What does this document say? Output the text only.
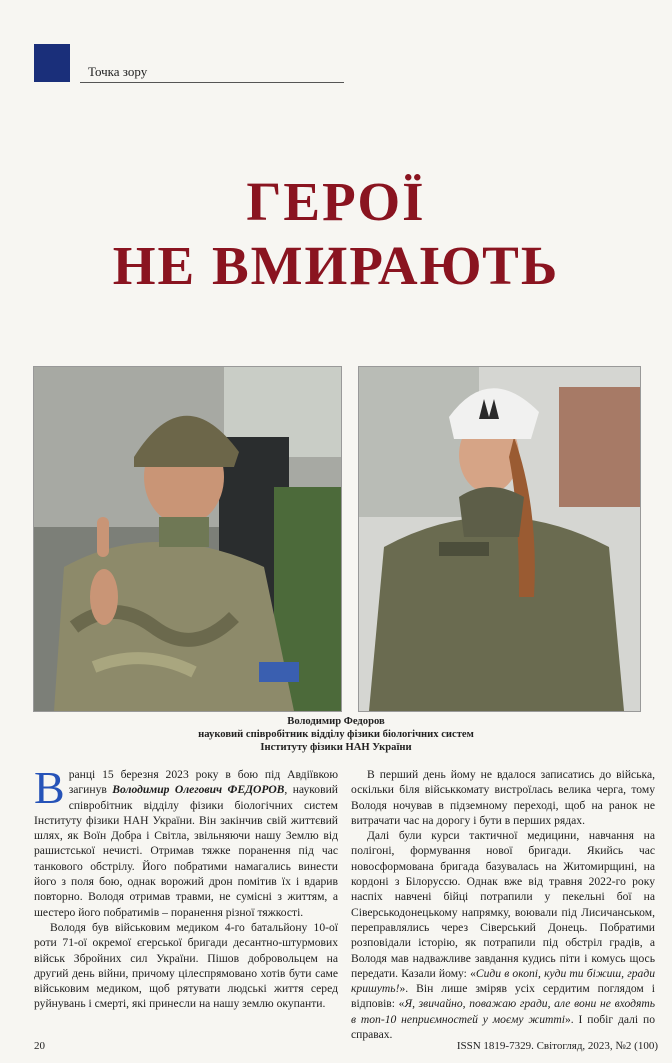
Точка зору
ГЕРОЇ
НЕ ВМИРАЮТЬ
Володимир Федоров
науковий співробітник відділу фізики біологічних систем
Інституту фізики НАН України

Вранці 15 березня 2023 року в бою під Авдіївкою загинув Володимир Олегович ФЕДОРОВ, науковий співробітник відділу фізики біологічних систем Інституту фізики НАН України. Він закінчив свій життєвий шлях, як Воїн Добра і Світла, звільняючи нашу Землю від рашистської нечисті. Отримав тяжке поранення під час танкового обстрілу. Його побратими намагались винести його з поля бою, однак ворожий дрон помітив їх і вдарив повторно. Володя отримав травми, не сумісні з життям, а шестеро його побратимів – поранення різної тяжкості.

Володя був військовим медиком 4-го батальйону 10-ої роти 71-ої окремої єгерської бригади десантно-штурмових військ Збройних сил України. Пішов добровольцем на другий день війни, причому цілеспрямовано хотів бути саме військовим медиком, щоб рятувати людські життя серед руйнувань і смерті, які принесли на нашу землю окупанти.

В перший день йому не вдалося записатись до війська, оскільки біля військкомату вистроїлась велика черга, тому Володя ночував в підземному переході, щоб на ранок не витрачати час на дорогу і бути в перших рядах.

Далі були курси тактичної медицини, навчання на полігоні, формування нової бригади. Якийсь час новосформована бригада базувалась на Житомирщині, на кордоні з Білоруссю. Однак вже від травня 2022-го року наспіх навчені бійці потрапили у пекельні бої на Сіверськодонецькому напрямку, воювали під Лисичанськом, переправлялись через Сіверський Донець. Побратими розповідали історію, як потрапили під обстріл градів, а Володя мав надважливе завдання кудись піти і комусь щось передати. Казали йому: «Сиди в окопі, куди ти біжиш, гради кришуть!». Він лише зміряв усіх сердитим поглядом і відповів: «Я, звичайно, поважаю гради, але вони не входять в топ-10 неприємностей у моєму житті». І побіг далі по справах.

20	ISSN 1819-7329. Світогляд, 2023, №2 (100)
